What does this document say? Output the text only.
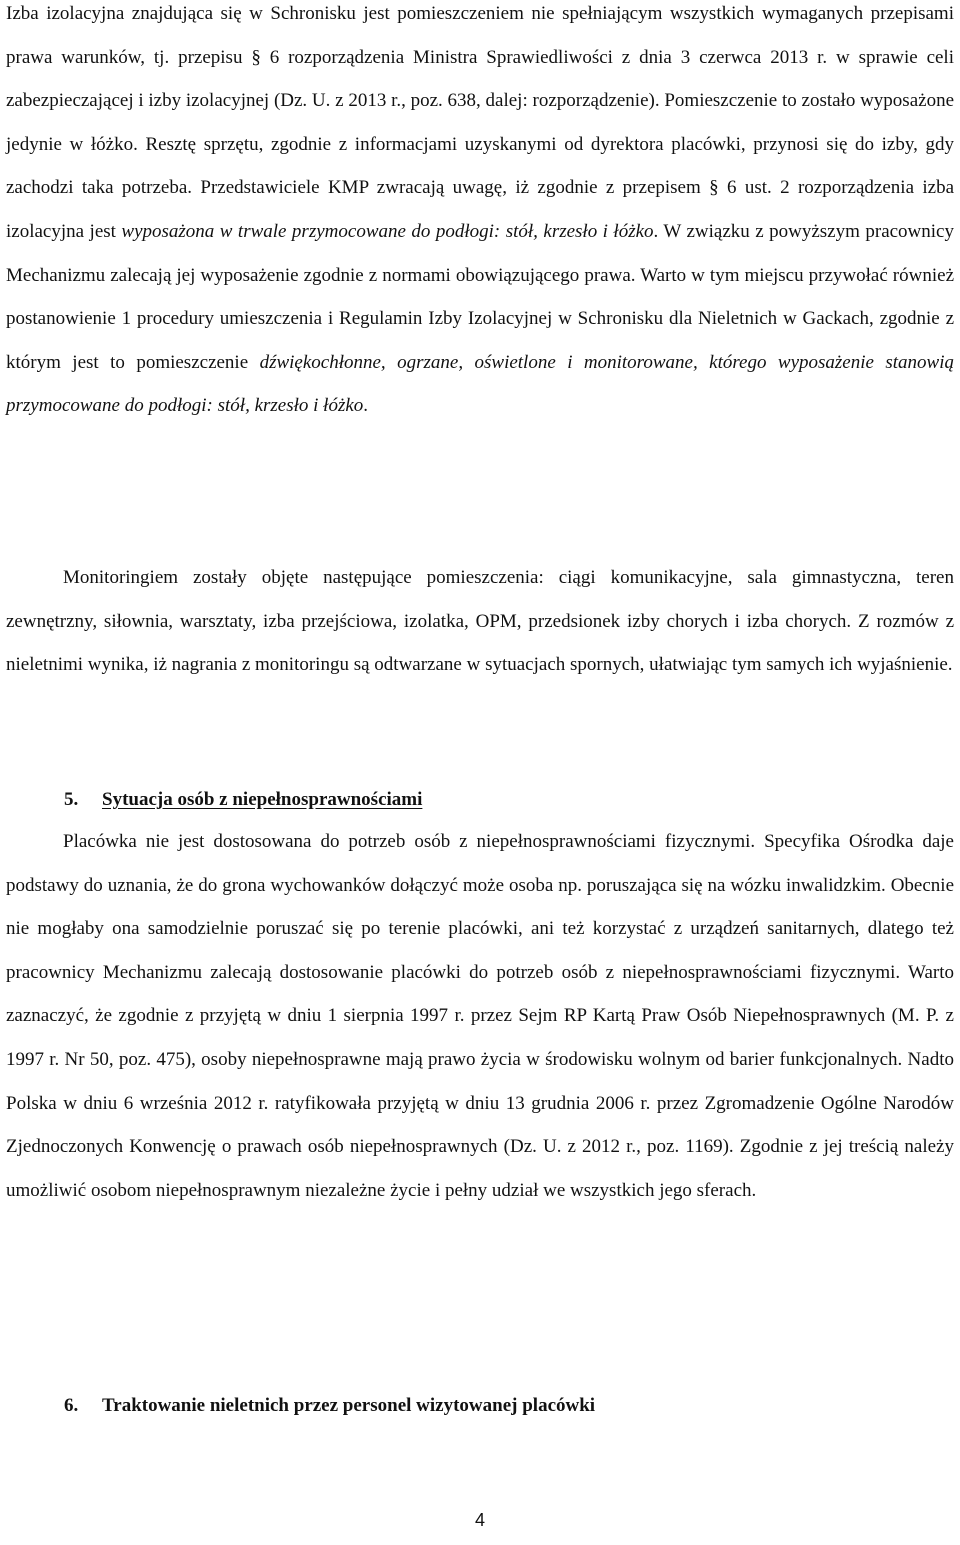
Izba izolacyjna znajdująca się w Schronisku jest pomieszczeniem nie spełniającym wszystkich wymaganych przepisami prawa warunków, tj. przepisu § 6 rozporządzenia Ministra Sprawiedliwości z dnia 3 czerwca 2013 r. w sprawie celi zabezpieczającej i izby izolacyjnej (Dz. U. z 2013 r., poz. 638, dalej: rozporządzenie). Pomieszczenie to zostało wyposażone jedynie w łóżko. Resztę sprzętu, zgodnie z informacjami uzyskanymi od dyrektora placówki, przynosi się do izby, gdy zachodzi taka potrzeba. Przedstawiciele KMP zwracają uwagę, iż zgodnie z przepisem § 6 ust. 2 rozporządzenia izba izolacyjna jest wyposażona w trwale przymocowane do podłogi: stół, krzesło i łóżko. W związku z powyższym pracownicy Mechanizmu zalecają jej wyposażenie zgodnie z normami obowiązującego prawa. Warto w tym miejscu przywołać również postanowienie 1 procedury umieszczenia i Regulamin Izby Izolacyjnej w Schronisku dla Nieletnich w Gackach, zgodnie z którym jest to pomieszczenie dźwiękochłonne, ogrzane, oświetlone i monitorowane, którego wyposażenie stanowią przymocowane do podłogi: stół, krzesło i łóżko.

Monitoringiem zostały objęte następujące pomieszczenia: ciągi komunikacyjne, sala gimnastyczna, teren zewnętrzny, siłownia, warsztaty, izba przejściowa, izolatka, OPM, przedsionek izby chorych i izba chorych. Z rozmów z nieletnimi wynika, iż nagrania z monitoringu są odtwarzane w sytuacjach spornych, ułatwiając tym samych ich wyjaśnienie.

5. Sytuacja osób z niepełnosprawnościami

Placówka nie jest dostosowana do potrzeb osób z niepełnosprawnościami fizycznymi. Specyfika Ośrodka daje podstawy do uznania, że do grona wychowanków dołączyć może osoba np. poruszająca się na wózku inwalidzkim. Obecnie nie mogłaby ona samodzielnie poruszać się po terenie placówki, ani też korzystać z urządzeń sanitarnych, dlatego też pracownicy Mechanizmu zalecają dostosowanie placówki do potrzeb osób z niepełnosprawnościami fizycznymi. Warto zaznaczyć, że zgodnie z przyjętą w dniu 1 sierpnia 1997 r. przez Sejm RP Kartą Praw Osób Niepełnosprawnych (M. P. z 1997 r. Nr 50, poz. 475), osoby niepełnosprawne mają prawo życia w środowisku wolnym od barier funkcjonalnych. Nadto Polska w dniu 6 września 2012 r. ratyfikowała przyjętą w dniu 13 grudnia 2006 r. przez Zgromadzenie Ogólne Narodów Zjednoczonych Konwencję o prawach osób niepełnosprawnych (Dz. U. z 2012 r., poz. 1169). Zgodnie z jej treścią należy umożliwić osobom niepełnosprawnym niezależne życie i pełny udział we wszystkich jego sferach.

6. Traktowanie nieletnich przez personel wizytowanej placówki
4
